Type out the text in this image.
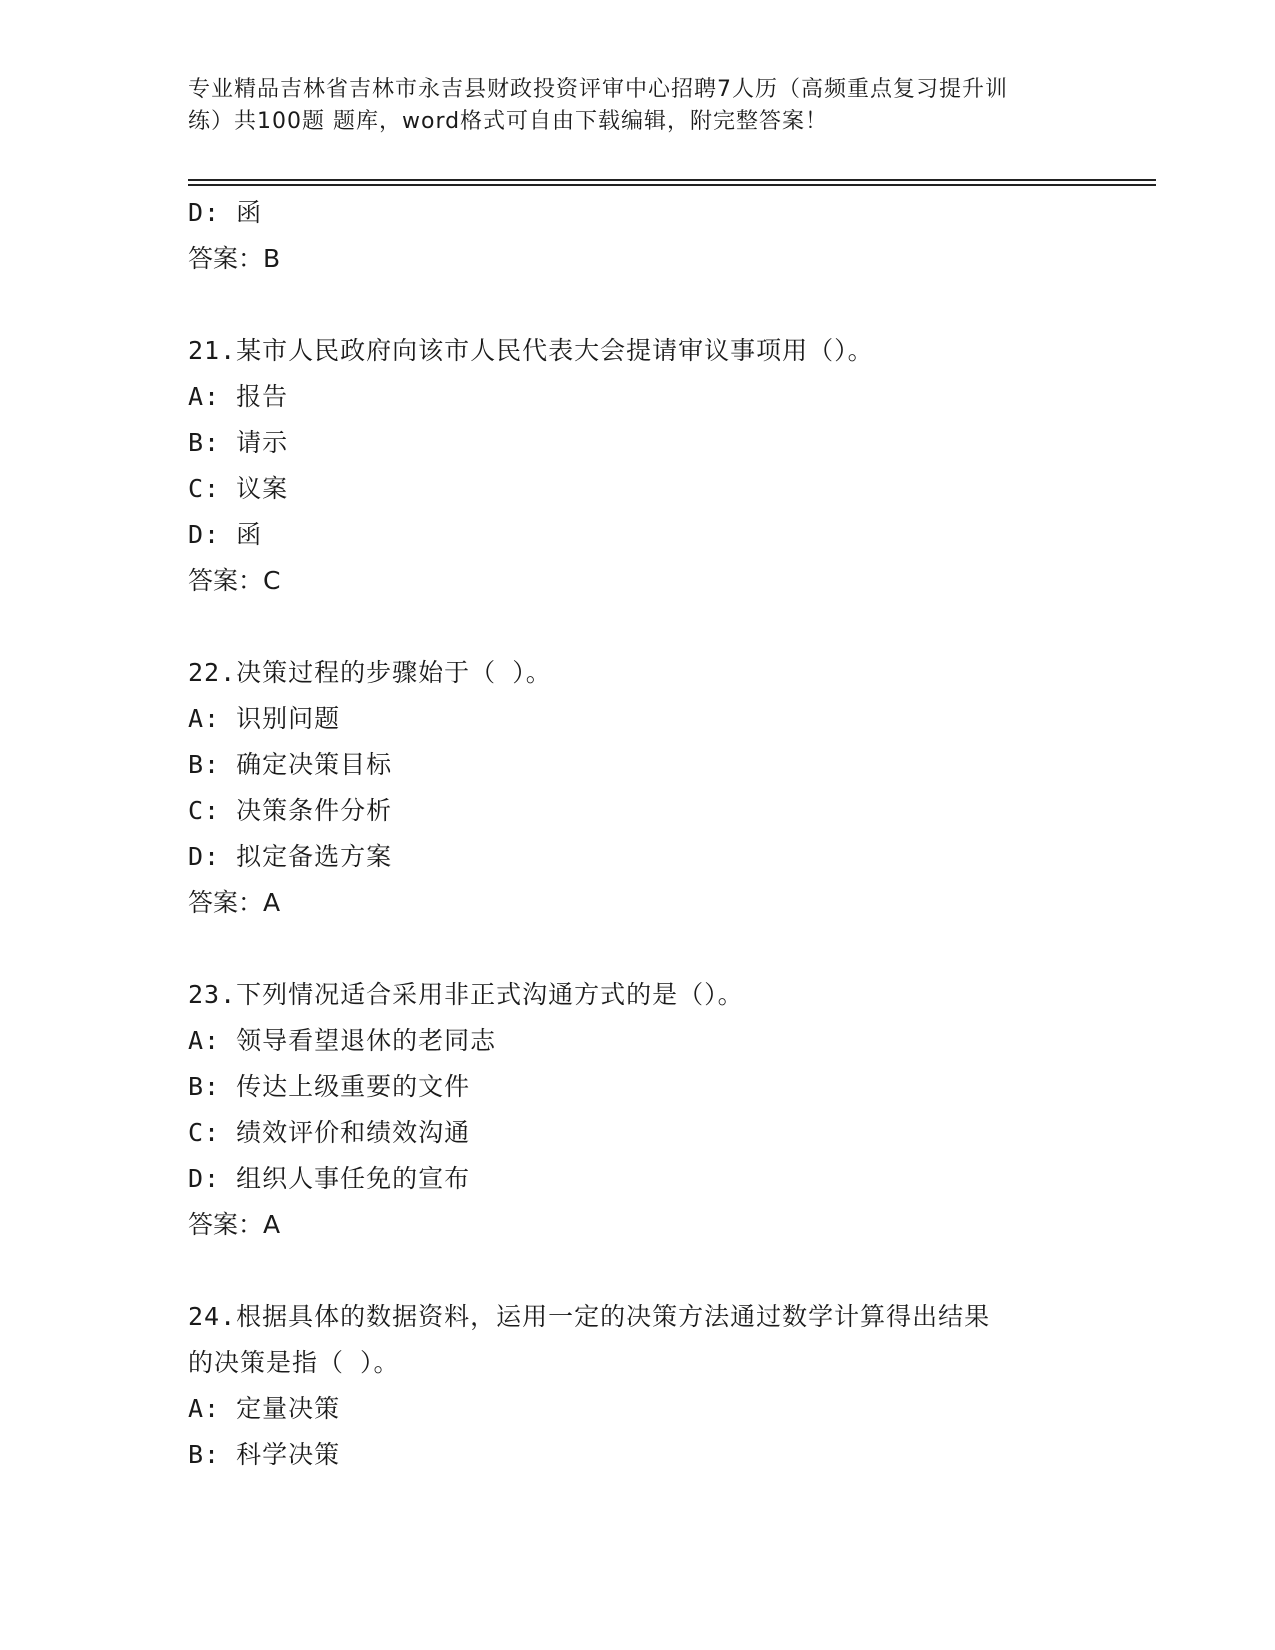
专业精品吉林省吉林市永吉县财政投资评审中心招聘7人历（高频重点复习提升训
练）共100题 题库，word格式可自由下载编辑，附完整答案！
D: 函
答案：B
21.某市人民政府向该市人民代表大会提请审议事项用（）。
A: 报告
B: 请示
C: 议案
D: 函
答案：C
22.决策过程的步骤始于（ ）。
A: 识别问题
B: 确定决策目标
C: 决策条件分析
D: 拟定备选方案
答案：A
23.下列情况适合采用非正式沟通方式的是（）。
A: 领导看望退休的老同志
B: 传达上级重要的文件
C: 绩效评价和绩效沟通
D: 组织人事任免的宣布
答案：A
24.根据具体的数据资料，运用一定的决策方法通过数学计算得出结果
的决策是指（ ）。
A: 定量决策
B: 科学决策
